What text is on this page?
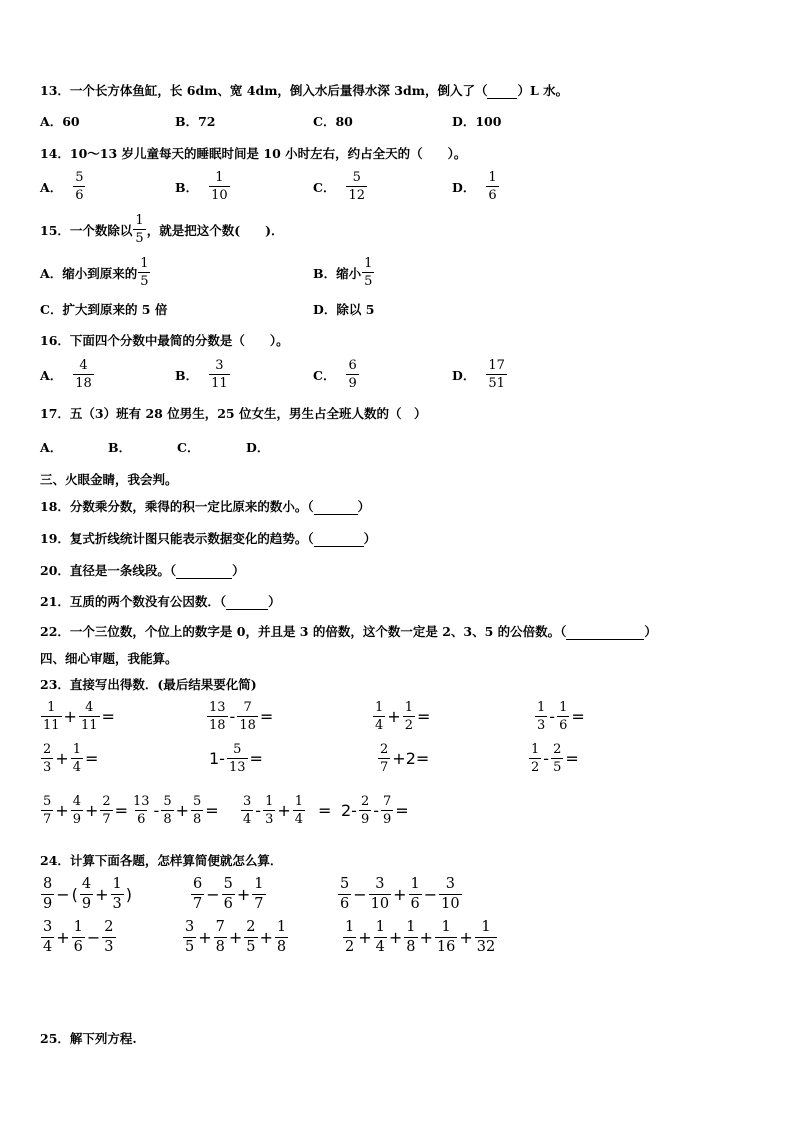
13．一个长方体鱼缸，长 6dm、宽 4dm，倒入水后量得水深 3dm，倒入了（ ）L 水。
A．60	B．72	C．80	D．100
14．10～13 岁儿童每天的睡眠时间是 10 小时左右，约占全天的（　　）。
A． $\frac{5}{6}$	B． $\frac{1}{10}$	C． $\frac{5}{12}$	D． $\frac{1}{6}$
15．一个数除以 $\frac{1}{5}$ ，就是把这个数(　　)．
A．缩小到原来的 $\frac{1}{5}$	B．缩小 $\frac{1}{5}$
C．扩大到原来的 5 倍	D．除以 5
16．下面四个分数中最简的分数是（　　）。
A． $\frac{4}{18}$	B． $\frac{3}{11}$	C． $\frac{6}{9}$	D． $\frac{17}{51}$
17．五（3）班有 28 位男生，25 位女生，男生占全班人数的（　）
A．	B．	C．	D．
三、火眼金睛，我会判。
18．分数乘分数，乘得的积一定比原来的数小。（	）
19．复式折线统计图只能表示数据变化的趋势。（	）
20．直径是一条线段。（	）
21．互质的两个数没有公因数．（	）
22．一个三位数，个位上的数字是 0，并且是 3 的倍数，这个数一定是 2、3、5 的公倍数。（	）
四、细心审题，我能算。
23．直接写出得数．(最后结果要化简)
$\frac{1}{11} + \frac{4}{11}$ =	$\frac{13}{18} - \frac{7}{18}$ =	$\frac{1}{4} + \frac{1}{2}$ =	$\frac{1}{3} - \frac{1}{6}$ =
$\frac{2}{3} + \frac{1}{4}$ =	$1- \frac{5}{13}$ =	$\frac{2}{7} +2=$	$\frac{1}{2} - \frac{2}{5}$ =
$\frac{5}{7} + \frac{4}{9} + \frac{2}{7} = \frac{13}{6} - \frac{5}{8} + \frac{5}{8} = \frac{3}{4} - \frac{1}{3} + \frac{1}{4} = 2- \frac{2}{9} - \frac{7}{9}$ =
24．计算下面各题，怎样算简便就怎么算．
$\frac{8}{9}$ − ( $\frac{4}{9} + \frac{1}{3}$ )	$\frac{6}{7} - \frac{5}{6} + \frac{1}{7}$	$\frac{5}{6} - \frac{3}{10} + \frac{1}{6} - \frac{3}{10}$
$\frac{3}{4} + \frac{1}{6} - \frac{2}{3}$	$\frac{3}{5} + \frac{7}{8} + \frac{2}{5} + \frac{1}{8}$	$\frac{1}{2} + \frac{1}{4} + \frac{1}{8} + \frac{1}{16} + \frac{1}{32}$
25．解下列方程.
